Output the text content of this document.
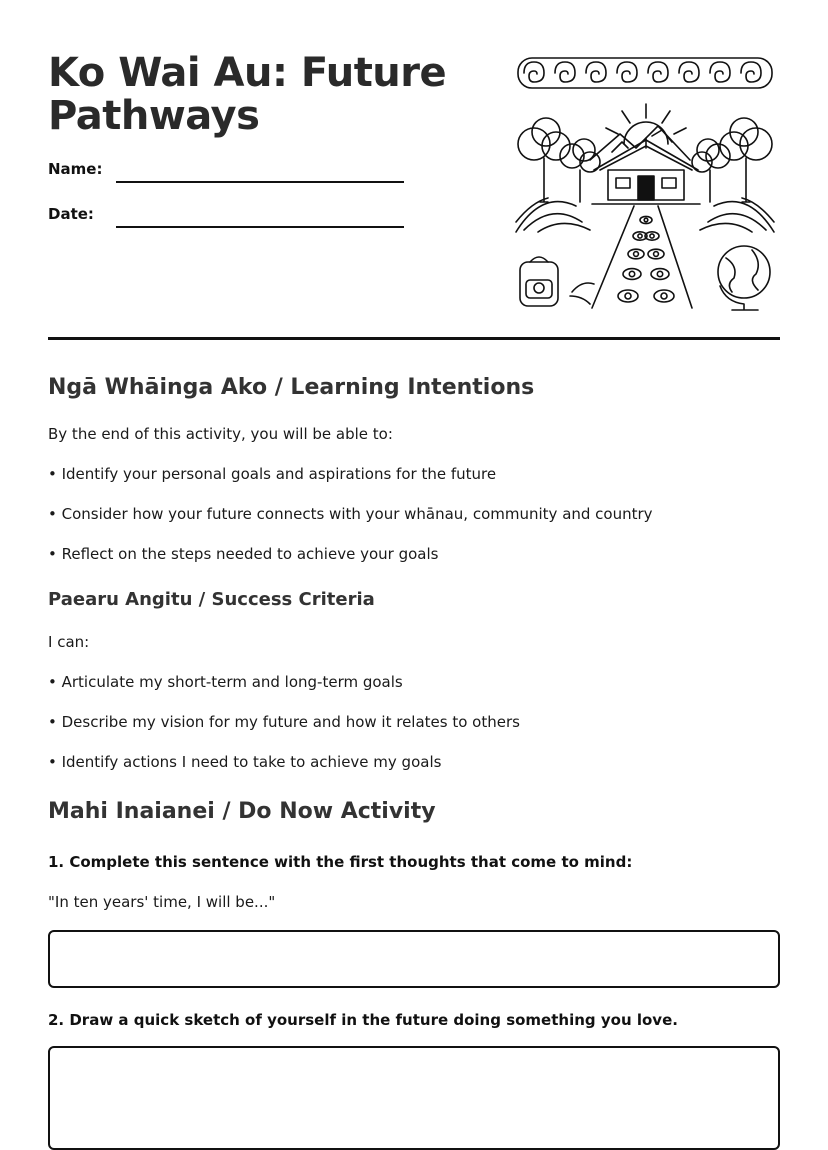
Ko Wai Au: Future Pathways
Name:
Date:
Ngā Whāinga Ako / Learning Intentions

By the end of this activity, you will be able to:

• Identify your personal goals and aspirations for the future

• Consider how your future connects with your whānau, community and country

• Reflect on the steps needed to achieve your goals

Paearu Angitu / Success Criteria

I can:

• Articulate my short-term and long-term goals

• Describe my vision for my future and how it relates to others

• Identify actions I need to take to achieve my goals

Mahi Inaianei / Do Now Activity

1. Complete this sentence with the first thoughts that come to mind:

"In ten years' time, I will be..."

2. Draw a quick sketch of yourself in the future doing something you love.
